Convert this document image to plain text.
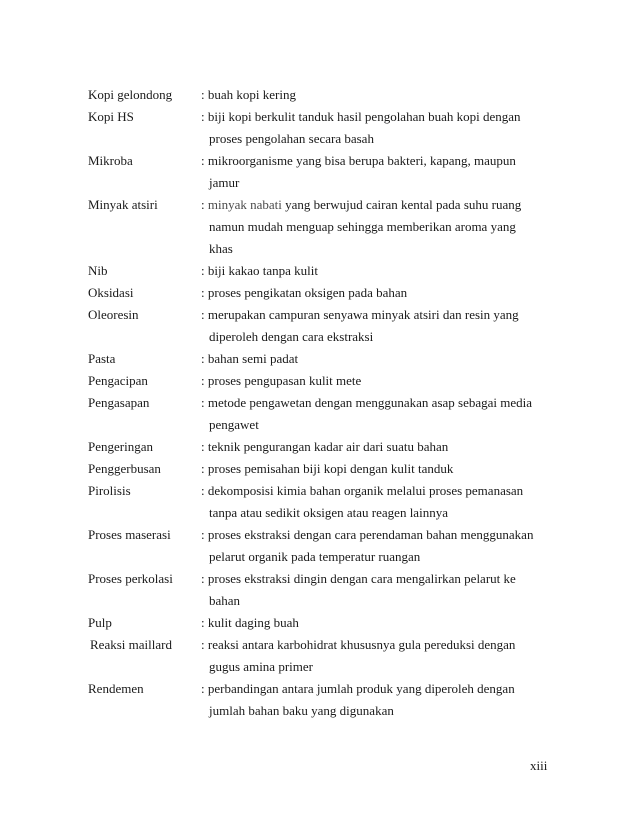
Kopi gelondong : buah kopi kering
Kopi HS	: biji kopi berkulit tanduk hasil pengolahan buah kopi dengan
proses pengolahan secara basah
Mikroba	: mikroorganisme yang bisa berupa bakteri, kapang, maupun
jamur
Minyak atsiri	: minyak nabati yang berwujud cairan kental pada suhu ruang
namun mudah menguap sehingga memberikan aroma yang
khas
Nib	: biji kakao tanpa kulit
Oksidasi	: proses pengikatan oksigen pada bahan
Oleoresin	: merupakan campuran senyawa minyak atsiri dan resin yang
diperoleh dengan cara ekstraksi
Pasta	: bahan semi padat
Pengacipan	: proses pengupasan kulit mete
Pengasapan	: metode pengawetan dengan menggunakan asap sebagai media
pengawet
Pengeringan	: teknik pengurangan kadar air dari suatu bahan
Penggerbusan	: proses pemisahan biji kopi dengan kulit tanduk
Pirolisis	: dekomposisi kimia bahan organik melalui proses pemanasan
tanpa atau sedikit oksigen atau reagen lainnya
Proses maserasi : proses ekstraksi dengan cara perendaman bahan menggunakan
pelarut organik pada temperatur ruangan
Proses perkolasi : proses ekstraksi dingin dengan cara mengalirkan pelarut ke
bahan
Pulp	: kulit daging buah
Reaksi maillard : reaksi antara karbohidrat khususnya gula pereduksi dengan
gugus amina primer
Rendemen	: perbandingan antara jumlah produk yang diperoleh dengan
jumlah bahan baku yang digunakan
xiii
